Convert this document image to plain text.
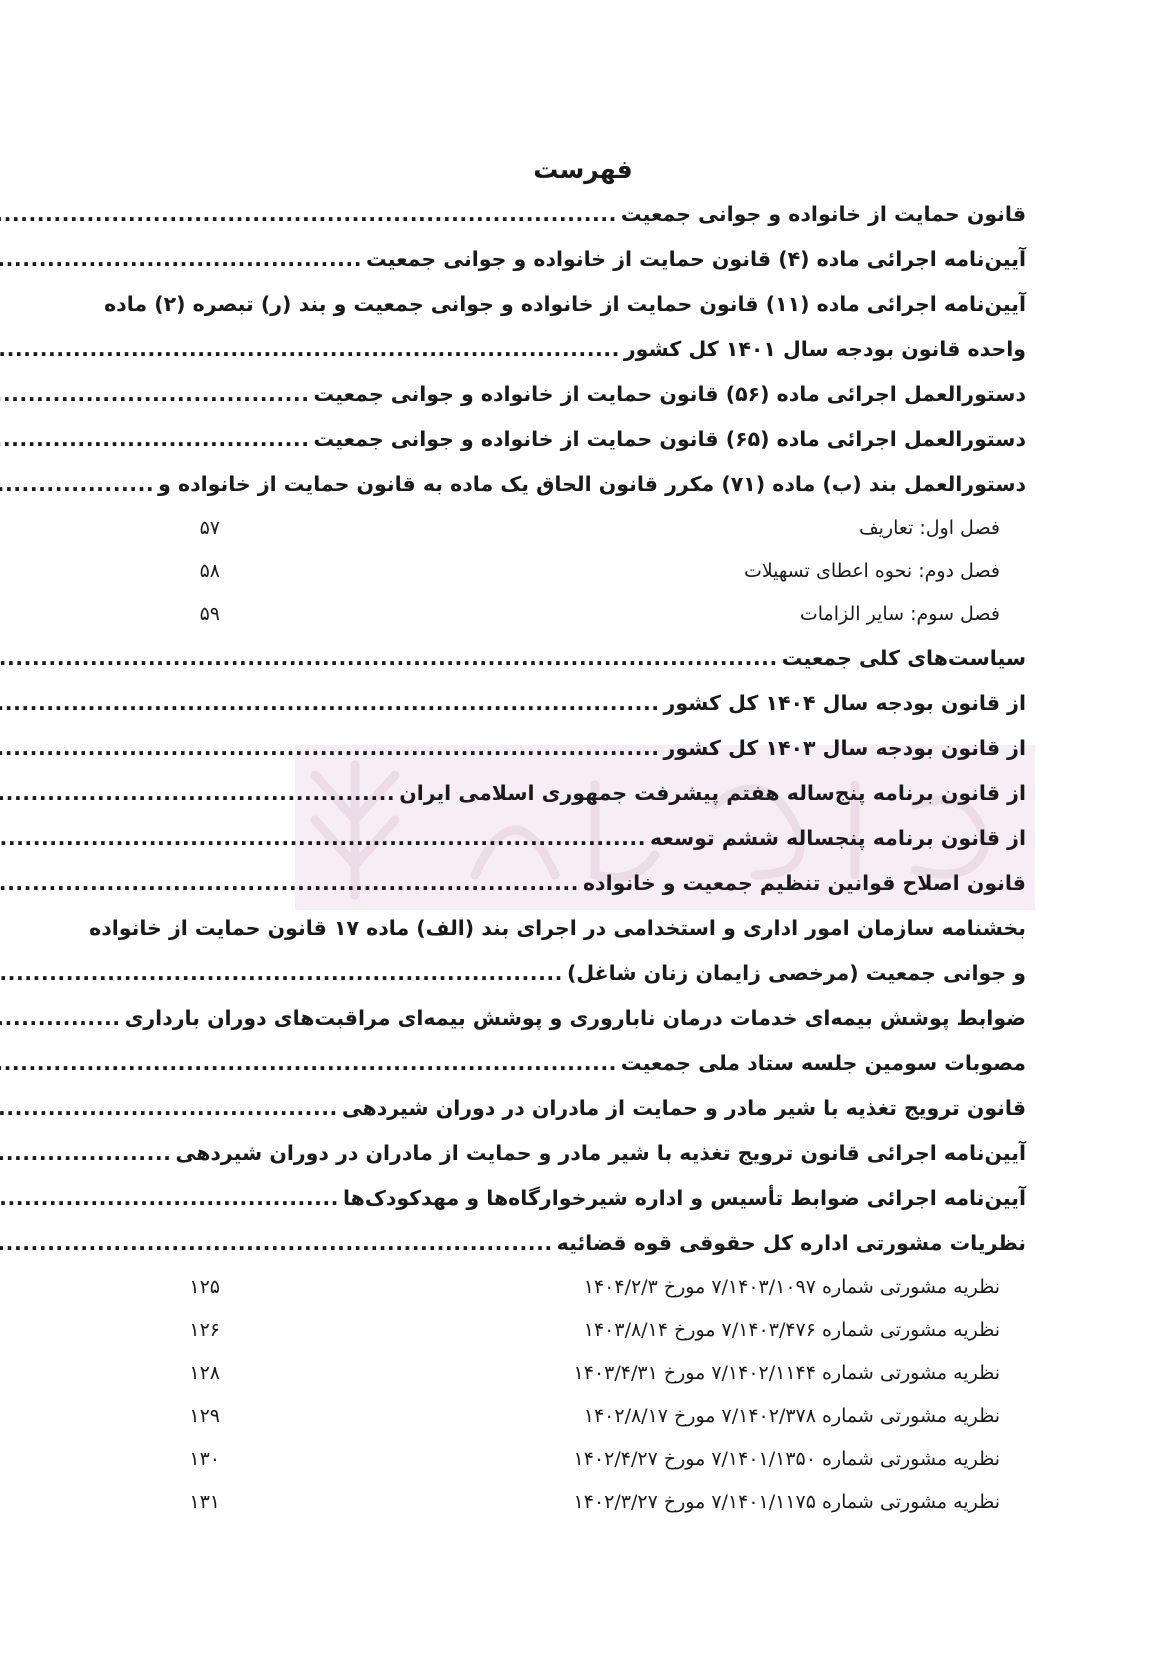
فهرست
قانون حمایت از خانواده و جوانی جمعیت
.....
آیین‌نامه اجرائی ماده (۴) قانون حمایت از خانواده و جوانی جمعیت
.....
آیین‌نامه اجرائی ماده (۱۱) قانون حمایت از خانواده و جوانی جمعیت و بند (ر) تبصره (۲) ماده
واحده قانون بودجه سال ۱۴۰۱ کل کشور
.....
دستورالعمل اجرائی ماده (۵۶) قانون حمایت از خانواده و جوانی جمعیت
.....
دستورالعمل اجرائی ماده (۶۵) قانون حمایت از خانواده و جوانی جمعیت
.....
دستورالعمل بند (ب) ماده (۷۱) مکرر قانون الحاق یک ماده به قانون حمایت از خانواده و
.....
فصل اول: تعاریف
۵۷
فصل دوم: نحوه اعطای تسهیلات
۵۸
فصل سوم: سایر الزامات
۵۹
سیاست‌های کلی جمعیت
.....
از قانون بودجه سال ۱۴۰۴ کل کشور
.....
از قانون بودجه سال ۱۴۰۳ کل کشور
.....
از قانون برنامه پنج‌ساله هفتم پیشرفت جمهوری اسلامی ایران
.....
از قانون برنامه پنجساله ششم توسعه
.....
قانون اصلاح قوانین تنظیم جمعیت و خانواده
.....
بخشنامه سازمان امور اداری و استخدامی در اجرای بند (الف) ماده ۱۷ قانون حمایت از خانواده
و جوانی جمعیت (مرخصی زایمان زنان شاغل)
.....
ضوابط پوشش بیمه‌ای خدمات درمان ناباروری و پوشش بیمه‌ای مراقبت‌های دوران بارداری
.....
مصوبات سومین جلسه ستاد ملی جمعیت
.....
قانون ترویج تغذیه با شیر مادر و حمایت از مادران در دوران شیردهی
.....
آیین‌نامه اجرائی قانون ترویج تغذیه با شیر مادر و حمایت از مادران در دوران شیردهی
.....
آیین‌نامه اجرائی ضوابط تأسیس و اداره شیرخوارگاه‌ها و مهدکودک‌ها
.....
نظریات مشورتی اداره کل حقوقی قوه قضائیه
.....
نظریه مشورتی شماره ۷/۱۴۰۳/۱۰۹۷ مورخ ۱۴۰۴/۲/۳
۱۲۵
نظریه مشورتی شماره ۷/۱۴۰۳/۴۷۶ مورخ ۱۴۰۳/۸/۱۴
۱۲۶
نظریه مشورتی شماره ۷/۱۴۰۲/۱۱۴۴ مورخ ۱۴۰۳/۴/۳۱
۱۲۸
نظریه مشورتی شماره ۷/۱۴۰۲/۳۷۸ مورخ ۱۴۰۲/۸/۱۷
۱۲۹
نظریه مشورتی شماره ۷/۱۴۰۱/۱۳۵۰ مورخ ۱۴۰۲/۴/۲۷
۱۳۰
نظریه مشورتی شماره ۷/۱۴۰۱/۱۱۷۵ مورخ ۱۴۰۲/۳/۲۷
۱۳۱
